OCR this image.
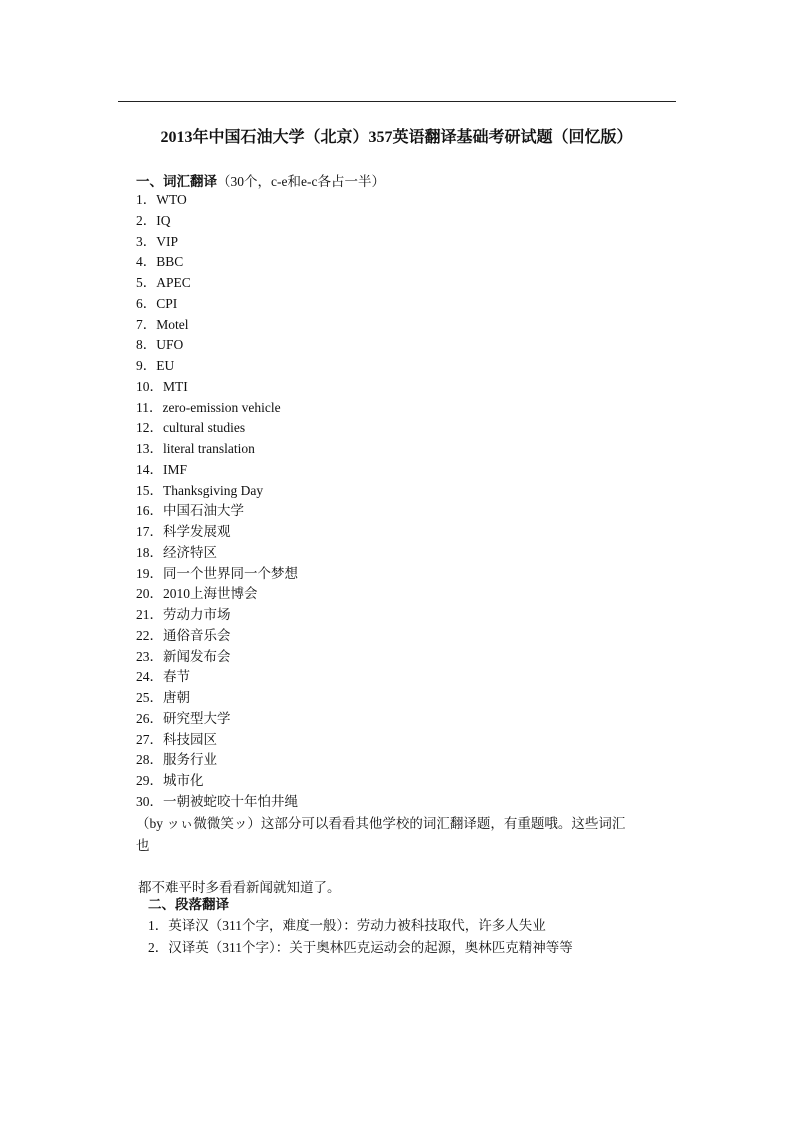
2013年中国石油大学（北京）357英语翻译基础考研试题（回忆版）
一、词汇翻译（30个，c-e和e-c各占一半）
1．WTO
2．IQ
3．VIP
4．BBC
5．APEC
6．CPI
7．Motel
8．UFO
9．EU
10．MTI
11．zero-emission vehicle
12．cultural studies
13．literal translation
14．IMF
15．Thanksgiving Day
16．中国石油大学
17．科学发展观
18．经济特区
19．同一个世界同一个梦想
20．2010上海世博会
21．劳动力市场
22．通俗音乐会
23．新闻发布会
24．春节
25．唐朝
26．研究型大学
27．科技园区
28．服务行业
29．城市化
30．一朝被蛇咬十年怕井绳
（by ッぃ微微笑ッ）这部分可以看看其他学校的词汇翻译题，有重题哦。这些词汇
也
都不难平时多看看新闻就知道了。
二、段落翻译
1．英译汉（311个字，难度一般）：劳动力被科技取代，许多人失业
2．汉译英（311个字）：关于奥林匹克运动会的起源，奥林匹克精神等等
